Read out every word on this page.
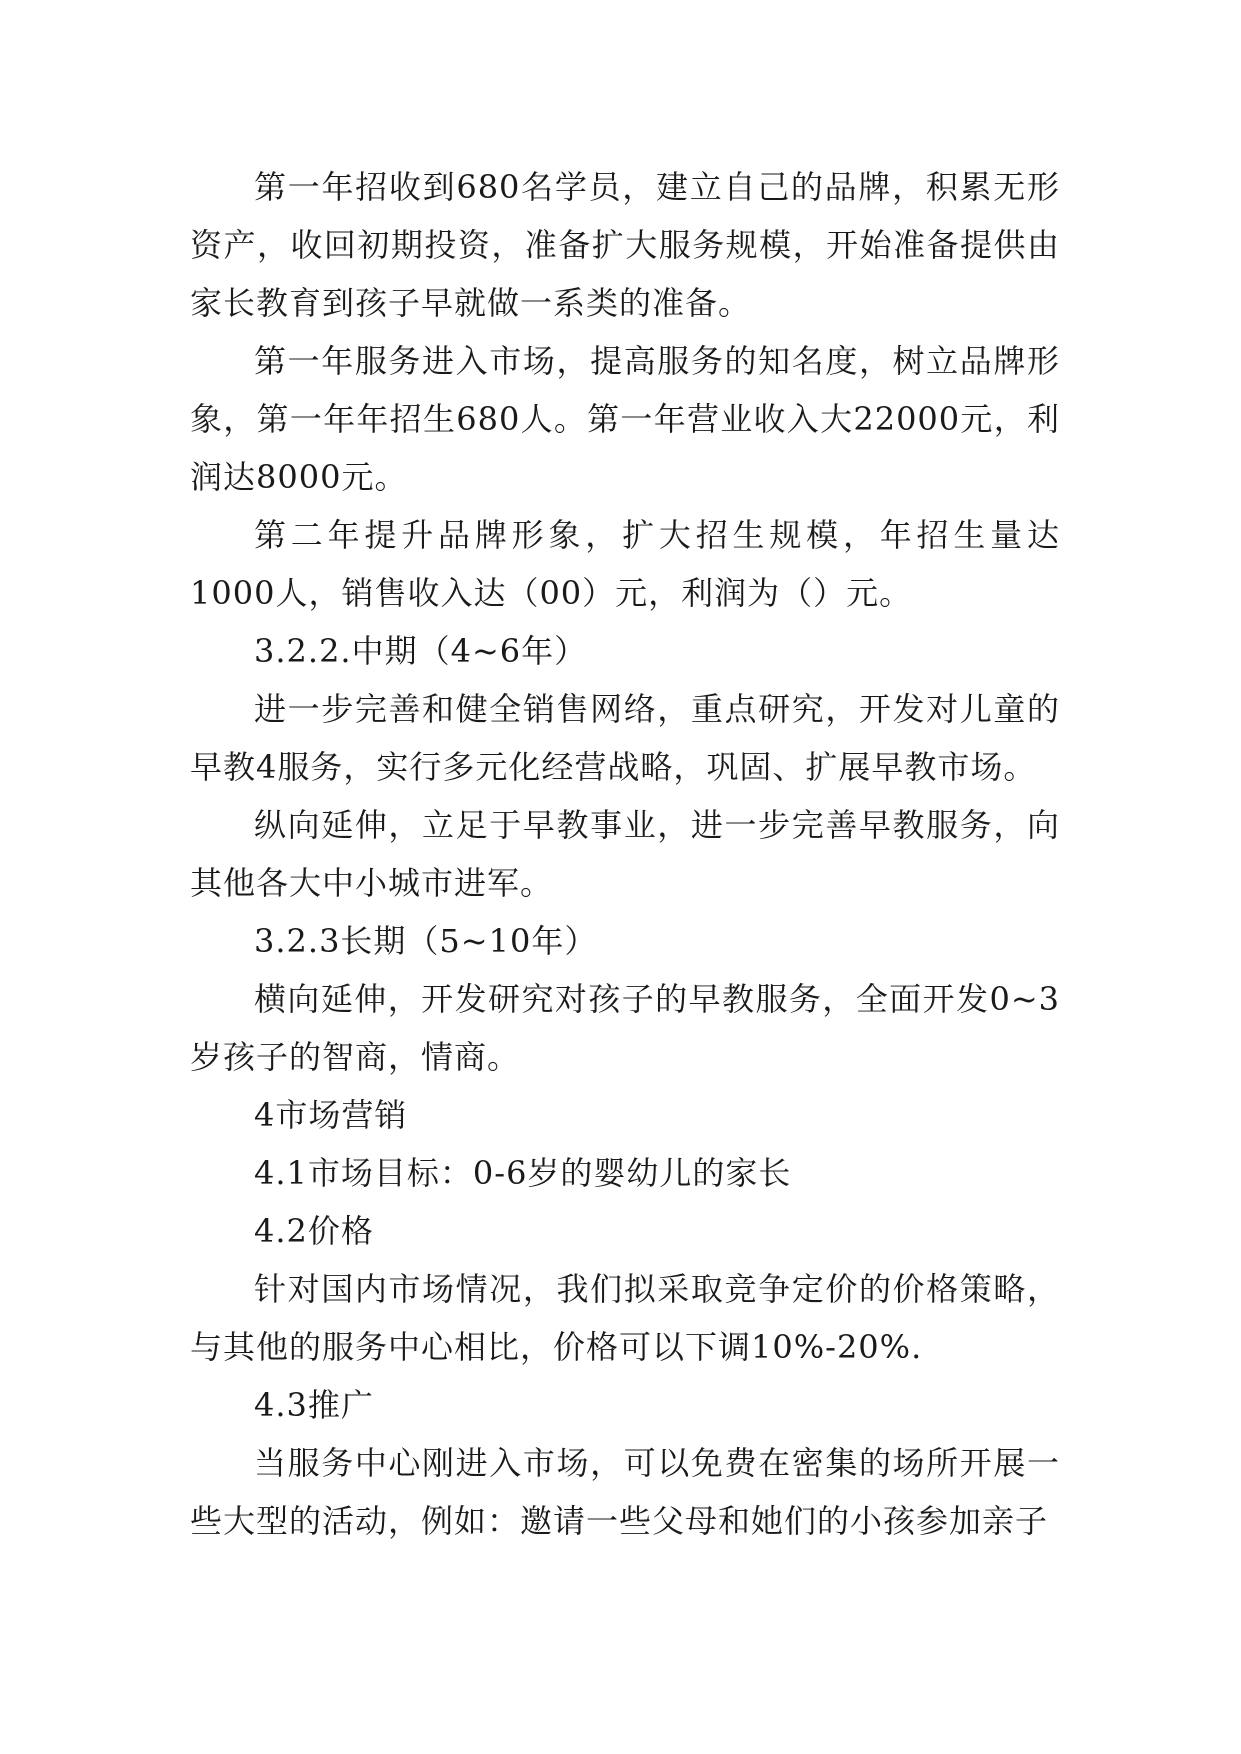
第一年招收到680名学员，建立自己的品牌，积累无形资产，收回初期投资，准备扩大服务规模，开始准备提供由家长教育到孩子早就做一系类的准备。

第一年服务进入市场，提高服务的知名度，树立品牌形象，第一年年招生680人。第一年营业收入大22000元，利润达8000元。

第二年提升品牌形象，扩大招生规模，年招生量达1000人，销售收入达（00）元，利润为（）元。

3.2.2.中期（4~6年）

进一步完善和健全销售网络，重点研究，开发对儿童的早教4服务，实行多元化经营战略，巩固、扩展早教市场。

纵向延伸，立足于早教事业，进一步完善早教服务，向其他各大中小城市进军。

3.2.3长期（5~10年）

横向延伸，开发研究对孩子的早教服务，全面开发0~3岁孩子的智商，情商。

4市场营销

4.1市场目标：0-6岁的婴幼儿的家长

4.2价格

针对国内市场情况，我们拟采取竞争定价的价格策略，与其他的服务中心相比，价格可以下调10%-20%.

4.3推广

当服务中心刚进入市场，可以免费在密集的场所开展一些大型的活动，例如：邀请一些父母和她们的小孩参加亲子
